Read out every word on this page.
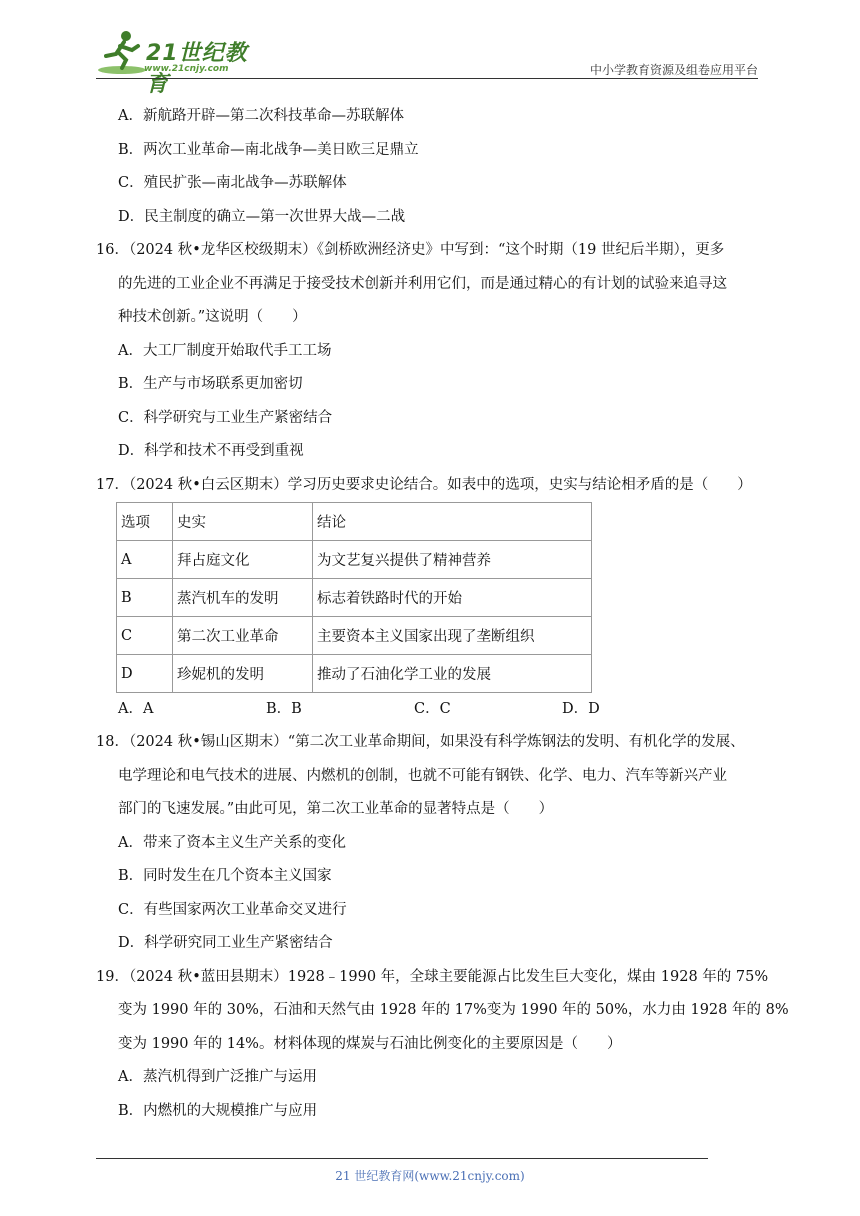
21世纪教育
www.21cnjy.com	中小学教育资源及组卷应用平台
A．新航路开辟—第二次科技革命—苏联解体
B．两次工业革命—南北战争—美日欧三足鼎立
C．殖民扩张—南北战争—苏联解体
D．民主制度的确立—第一次世界大战—二战
16．（2024 秋•龙华区校级期末）《剑桥欧洲经济史》中写到：“这个时期（19 世纪后半期），更多
的先进的工业企业不再满足于接受技术创新并利用它们，而是通过精心的有计划的试验来追寻这
种技术创新。”这说明（　　）
A．大工厂制度开始取代手工工场
B．生产与市场联系更加密切
C．科学研究与工业生产紧密结合
D．科学和技术不再受到重视
17．（2024 秋•白云区期末）学习历史要求史论结合。如表中的选项，史实与结论相矛盾的是（　　）
选项	史实	结论
A	拜占庭文化	为文艺复兴提供了精神营养
B	蒸汽机车的发明	标志着铁路时代的开始
C	第二次工业革命	主要资本主义国家出现了垄断组织
D	珍妮机的发明	推动了石油化学工业的发展
A．A	B．B	C．C	D．D
18．（2024 秋•锡山区期末）“第二次工业革命期间，如果没有科学炼钢法的发明、有机化学的发展、
电学理论和电气技术的进展、内燃机的创制，也就不可能有钢铁、化学、电力、汽车等新兴产业
部门的飞速发展。”由此可见，第二次工业革命的显著特点是（　　）
A．带来了资本主义生产关系的变化
B．同时发生在几个资本主义国家
C．有些国家两次工业革命交叉进行
D．科学研究同工业生产紧密结合
19．（2024 秋•蓝田县期末）1928﹣1990 年，全球主要能源占比发生巨大变化，煤由 1928 年的 75%
变为 1990 年的 30%，石油和天然气由 1928 年的 17%变为 1990 年的 50%，水力由 1928 年的 8%
变为 1990 年的 14%。材料体现的煤炭与石油比例变化的主要原因是（　　）
A．蒸汽机得到广泛推广与运用
B．内燃机的大规模推广与应用
21 世纪教育网(www.21cnjy.com)
